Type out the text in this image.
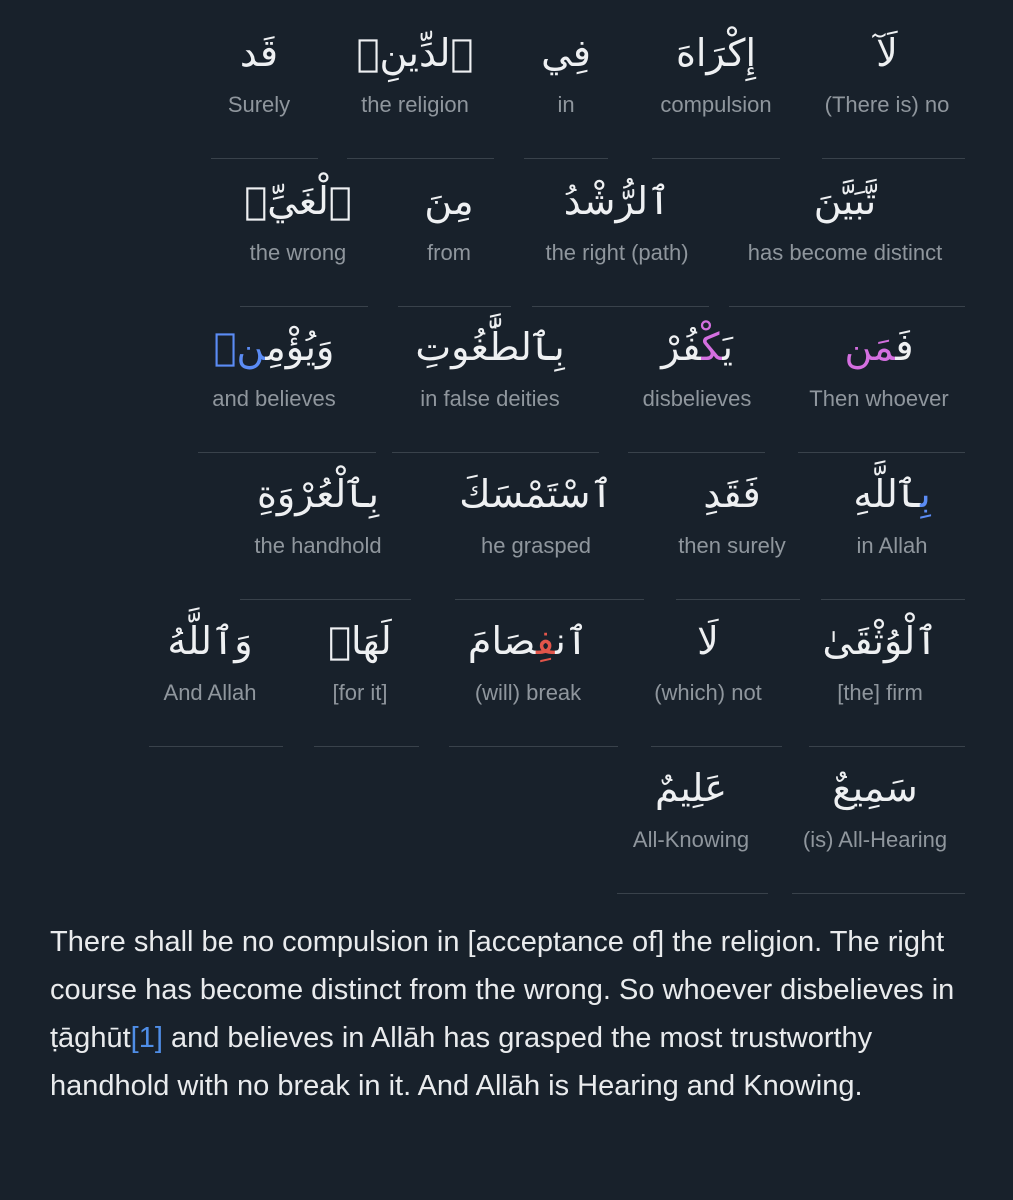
لَآ
(There is) no
إِكْرَاهَ
compulsion
فِي
in
ٱلدِّينِۖ
the religion
قَد
Surely
تَّبَيَّنَ
has become distinct
ٱلرُّشْدُ
the right (path)
مِنَ
from
ٱلْغَيِّۚ
the wrong
فَمَن
Then whoever
يَكْفُرْ
disbelieves
بِٱلطَّٰغُوتِ
in false deities
وَيُؤْمِنۢ
and believes
بِٱللَّهِ
in Allah
فَقَدِ
then surely
ٱسْتَمْسَكَ
he grasped
بِٱلْعُرْوَةِ
the handhold
ٱلْوُثْقَىٰ
[the] firm
لَا
(which) not
ٱنفِصَامَ
(will) break
لَهَاۗ
[for it]
وَٱللَّهُ
And Allah
سَمِيعٌ
(is) All-Hearing
عَلِيمٌ
All-Knowing
There shall be no compulsion in [acceptance of] the religion. The right course has become distinct from the wrong. So whoever disbelieves in ṭāghūt[1] and believes in Allāh has grasped the most trustworthy handhold with no break in it. And Allāh is Hearing and Knowing.
